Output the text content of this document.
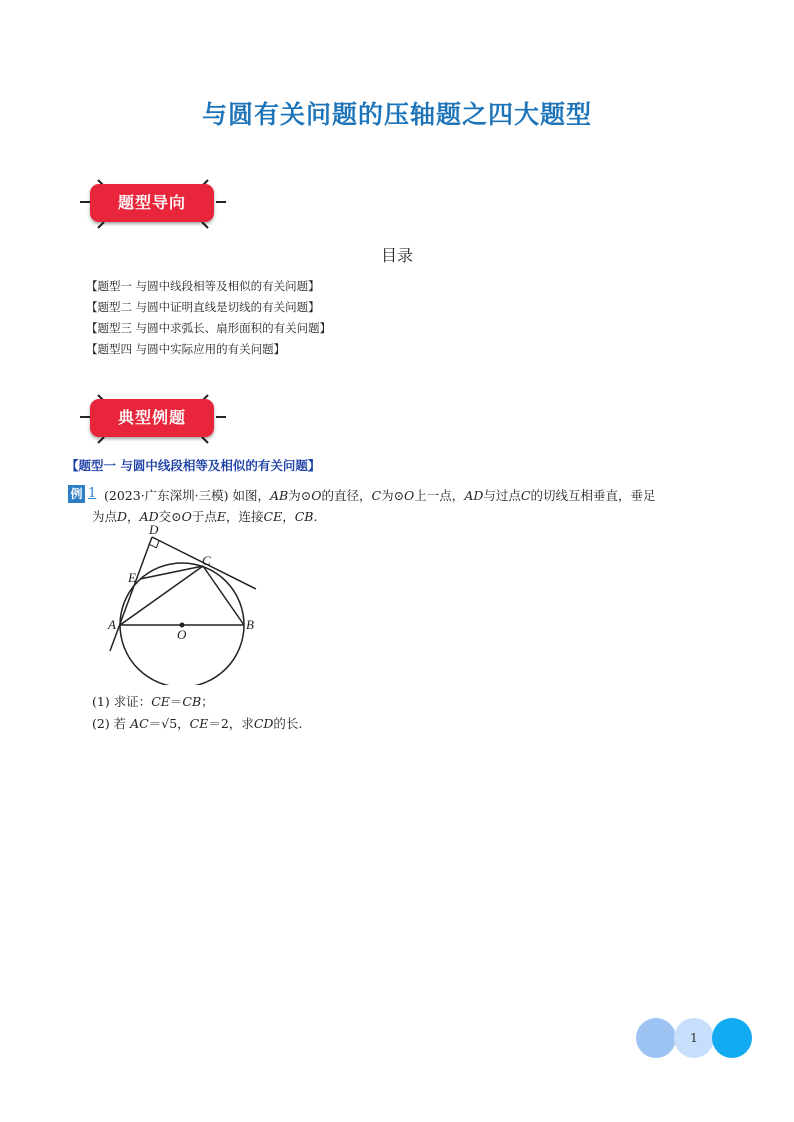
与圆有关问题的压轴题之四大题型
题型导向
目录
【题型一 与圆中线段相等及相似的有关问题】
【题型二 与圆中证明直线是切线的有关问题】
【题型三 与圆中求弧长、扇形面积的有关问题】
【题型四 与圆中实际应用的有关问题】
典型例题
【题型一 与圆中线段相等及相似的有关问题】
例 1 (2023·广东深圳·三模) 如图，AB为⊙O的直径，C为⊙O上一点，AD与过点C的切线互相垂直，垂足
为点D，AD交⊙O于点E，连接CE，CB.
A	B
C
D
E
O
(1) 求证：CE＝CB；
(2) 若 AC＝√5，CE＝2，求CD的长.
1
